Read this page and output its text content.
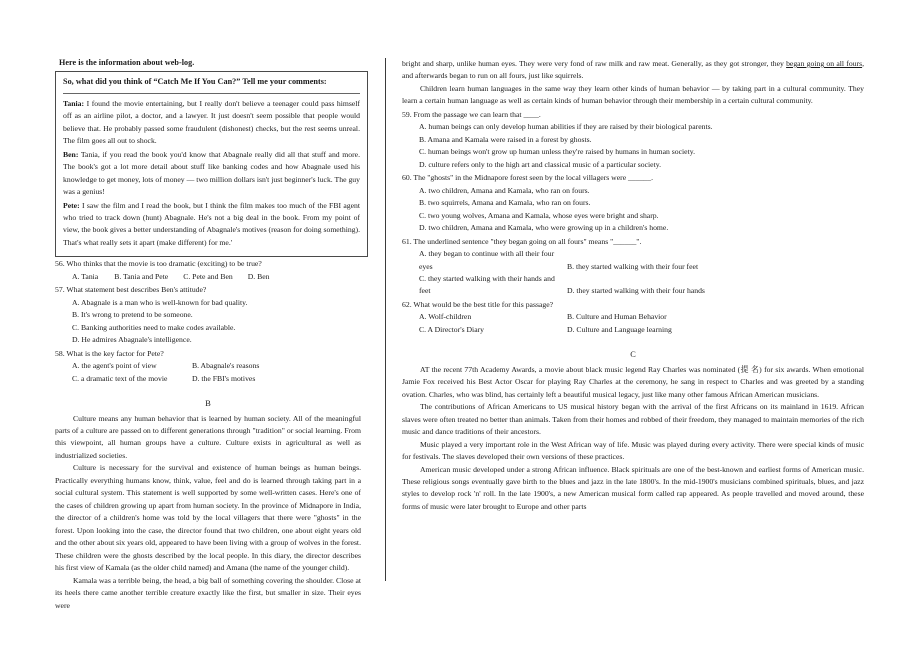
Here is the information about web-log.
So, what did you think of “Catch Me If You Can?” Tell me your comments:

Tania: I found the movie entertaining, but I really don't believe a teenager could pass himself off as an airline pilot, a doctor, and a lawyer. It just doesn't seem possible that people would believe that. He probably passed some fraudulent (dishonest) checks, but the rest seems unreal. The film goes all out to shock.

Ben: Tania, if you read the book you'd know that Abagnale really did all that stuff and more. The book's got a lot more detail about stuff like banking codes and how Abagnale used his knowledge to get money, lots of money — two million dollars isn't just beginner's luck. The guy was a genius!

Pete: I saw the film and I read the book, but I think the film makes too much of the FBI agent who tried to track down (hunt) Abagnale. He's not a big deal in the book. From my point of view, the book gives a better understanding of Abagnale's motives (reason for doing something). That's what really sets it apart (make different) for me.'

56. Who thinks that the movie is too dramatic (exciting) to be true?
A. Tania B. Tania and Pete C. Pete and Ben D. Ben
57. What statement best describes Ben's attitude?
A. Abagnale is a man who is well-known for bad quality.
B. It's wrong to pretend to be someone.
C. Banking authorities need to make codes available.
D. He admires Abagnale's intelligence.
58. What is the key factor for Pete?
A. the agent's point of view	B. Abagnale's reasons
C. a dramatic text of the movie	D. the FBI's motives
B

Culture means any human behavior that is learned by human society. All of the meaningful parts of a culture are passed on to different generations through "tradition" or social learning. From this viewpoint, all human groups have a culture. Culture exists in agricultural as well as industrialized societies.

Culture is necessary for the survival and existence of human beings as human beings. Practically everything humans know, think, value, feel and do is learned through taking part in a social cultural system. This statement is well supported by some well-written cases. Here's one of the cases of children growing up apart from human society. In the province of Midnapore in India, the director of a children's home was told by the local villagers that there were "ghosts" in the forest. Upon looking into the case, the director found that two children, one about eight years old and the other about six years old, appeared to have been living with a group of wolves in the forest. These children were the ghosts described by the local people. In this diary, the director describes his first view of Kamala (as the older child named) and Amana (the name of the younger child).

Kamala was a terrible being, the head, a big ball of something covering the shoulder. Close at its heels there came another terrible creature exactly like the first, but smaller in size. Their eyes were

bright and sharp, unlike human eyes. They were very fond of raw milk and raw meat. Generally, as they got stronger, they began going on all fours, and afterwards began to run on all fours, just like squirrels.

Children learn human languages in the same way they learn other kinds of human behavior — by taking part in a cultural community. They learn a certain human language as well as certain kinds of human behavior through their membership in a certain cultural community.

59. From the passage we can learn that ____.
A. human beings can only develop human abilities if they are raised by their biological parents.
B. Amana and Kamala were raised in a forest by ghosts.
C. human beings won't grow up human unless they're raised by humans in human society.
D. culture refers only to the high art and classical music of a particular society.
60. The "ghosts" in the Midnapore forest seen by the local villagers were ______.
A. two children, Amana and Kamala, who ran on fours.
B. two squirrels, Amana and Kamala, who ran on fours.
C. two young wolves, Amana and Kamala, whose eyes were bright and sharp.
D. two children, Amana and Kamala, who were growing up in a children's home.
61. The underlined sentence "they began going on all fours" means "______".
A. they began to continue with all their four eyes	B. they started walking with their four feet
C. they started walking with their hands and feet	D. they started walking with their four hands
62. What would be the best title for this passage?
A. Wolf-children	B. Culture and Human Behavior
C. A Director's Diary	D. Culture and Language learning
C

AT the recent 77th Academy Awards, a movie about black music legend Ray Charles was nominated (提 名) for six awards. When emotional Jamie Fox received his Best Actor Oscar for playing Ray Charles at the ceremony, he sang in respect to Charles and was greeted by a standing ovation. Charles, who was blind, has certainly left a beautiful musical legacy, just like many other famous African American musicians.

The contributions of African Americans to US musical history began with the arrival of the first Africans on its mainland in 1619. African slaves were often treated no better than animals. Taken from their homes and robbed of their freedom, they managed to maintain memories of the rich music and dance traditions of their ancestors.

Music played a very important role in the West African way of life. Music was played during every activity. There were special kinds of music for festivals. The slaves developed their own versions of these practices.

American music developed under a strong African influence. Black spirituals are one of the best-known and earliest forms of American music. These religious songs eventually gave birth to the blues and jazz in the late 1800's. In the mid-1900's musicians combined spirituals, blues, and jazz styles to develop rock 'n' roll. In the late 1900's, a new American musical form called rap appeared. As people travelled and moved around, these forms of music were later brought to Europe and other parts
